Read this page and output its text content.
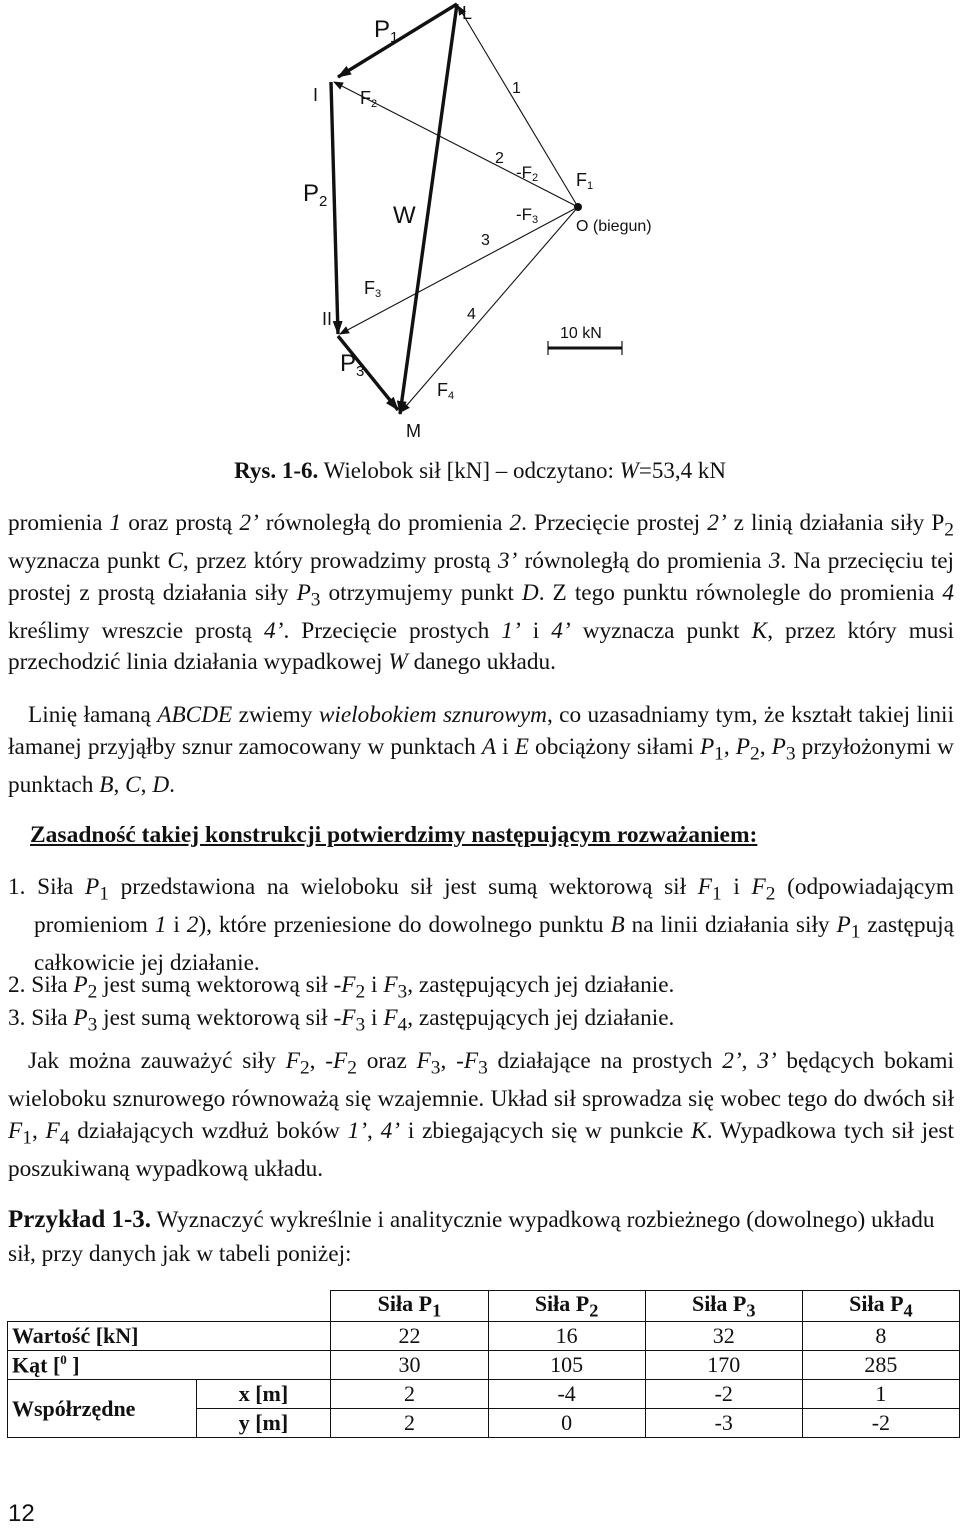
$P_1$
L
I F2
1
2
-F2 F1
$P_2$
W	-F3 O (biegun)
3
F3
II	4
10 kN
$P_3$
F4
M
Rys. 1-6. Wielobok sił [kN] – odczytano: W=53,4 kN

promienia 1 oraz prostą 2’ równoległą do promienia 2. Przecięcie prostej 2’ z linią działania siły $P_2$ wyznacza punkt C, przez który prowadzimy prostą 3’ równoległą do promienia 3. Na przecięciu tej prostej z prostą działania siły $P_3$ otrzymujemy punkt D. Z tego punktu równolegle do promienia 4 kreślimy wreszcie prostą 4’. Przecięcie prostych 1’ i 4’ wyznacza punkt K, przez który musi przechodzić linia działania wypadkowej W danego układu.

Linię łamaną ABCDE zwiemy wielobokiem sznurowym, co uzasadniamy tym, że kształt takiej linii łamanej przyjąłby sznur zamocowany w punktach A i E obciążony siłami $P_1$, $P_2$, $P_3$ przyłożonymi w punktach B, C, D.

Zasadność takiej konstrukcji potwierdzimy następującym rozważaniem:

1. Siła $P_1$ przedstawiona na wieloboku sił jest sumą wektorową sił $F_1$ i $F_2$ (odpowiadającym promieniom 1 i 2), które przeniesione do dowolnego punktu B na linii działania siły $P_1$ zastępują całkowicie jej działanie.

2. Siła $P_2$ jest sumą wektorową sił $-F_2$ i $F_3$, zastępujących jej działanie.

3. Siła $P_3$ jest sumą wektorową sił $-F_3$ i $F_4$, zastępujących jej działanie.

Jak można zauważyć siły $F_2$, $-F_2$ oraz $F_3$, $-F_3$ działające na prostych 2’, 3’ będących bokami wieloboku sznurowego równoważą się wzajemnie. Układ sił sprowadza się wobec tego do dwóch sił $F_1$, $F_4$ działających wzdłuż boków 1’, 4’ i zbiegających się w punkcie K. Wypadkowa tych sił jest poszukiwaną wypadkową układu.

Przykład 1-3. Wyznaczyć wykreślnie i analitycznie wypadkową rozbieżnego (dowolnego) układu sił, przy danych jak w tabeli poniżej:

		Siła $P_1$	Siła $P_2$	Siła $P_3$	Siła $P_4$
Wartość [kN]		22	16	32	8
Kąt [$^0$ ]		30	105	170	285
Współrzędne	x [m]	2	-4	-2	1
	y [m]	2	0	-3	-2
12
